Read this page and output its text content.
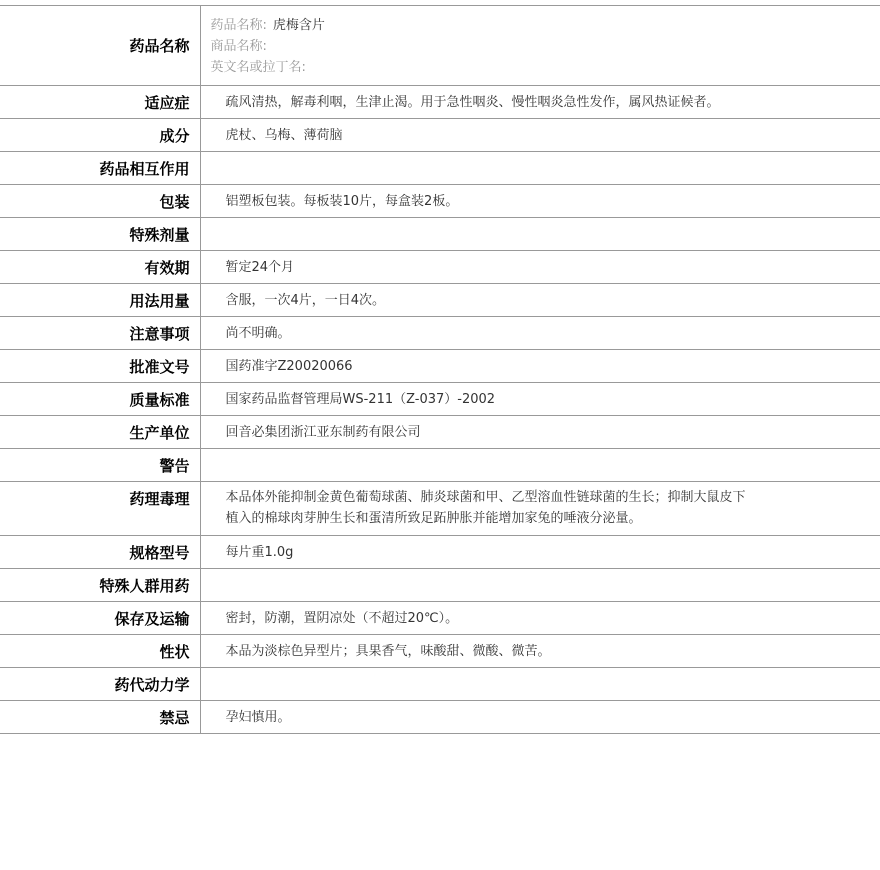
药品名称	药品名称: 虎梅含片
商品名称:
英文名或拉丁名:

适应症	疏风清热，解毒利咽，生津止渴。用于急性咽炎、慢性咽炎急性发作，属风热证候者。
成分	虎杖、乌梅、薄荷脑
药品相互作用	
包装	铝塑板包装。每板装10片，每盒装2板。
特殊剂量	
有效期	暂定24个月
用法用量	含服，一次4片，一日4次。
注意事项	尚不明确。
批准文号	国药准字Z20020066
质量标准	国家药品监督管理局WS-211（Z-037）-2002
生产单位	回音必集团浙江亚东制药有限公司
警告	
药理毒理	本品体外能抑制金黄色葡萄球菌、肺炎球菌和甲、乙型溶血性链球菌的生长；抑制大鼠皮下
植入的棉球肉芽肿生长和蛋清所致足跖肿胀并能增加家兔的唾液分泌量。

规格型号	每片重1.0g
特殊人群用药	
保存及运输	密封，防潮，置阴凉处（不超过20℃）。
性状	本品为淡棕色异型片；具果香气，味酸甜、微酸、微苦。
药代动力学	
禁忌	孕妇慎用。
